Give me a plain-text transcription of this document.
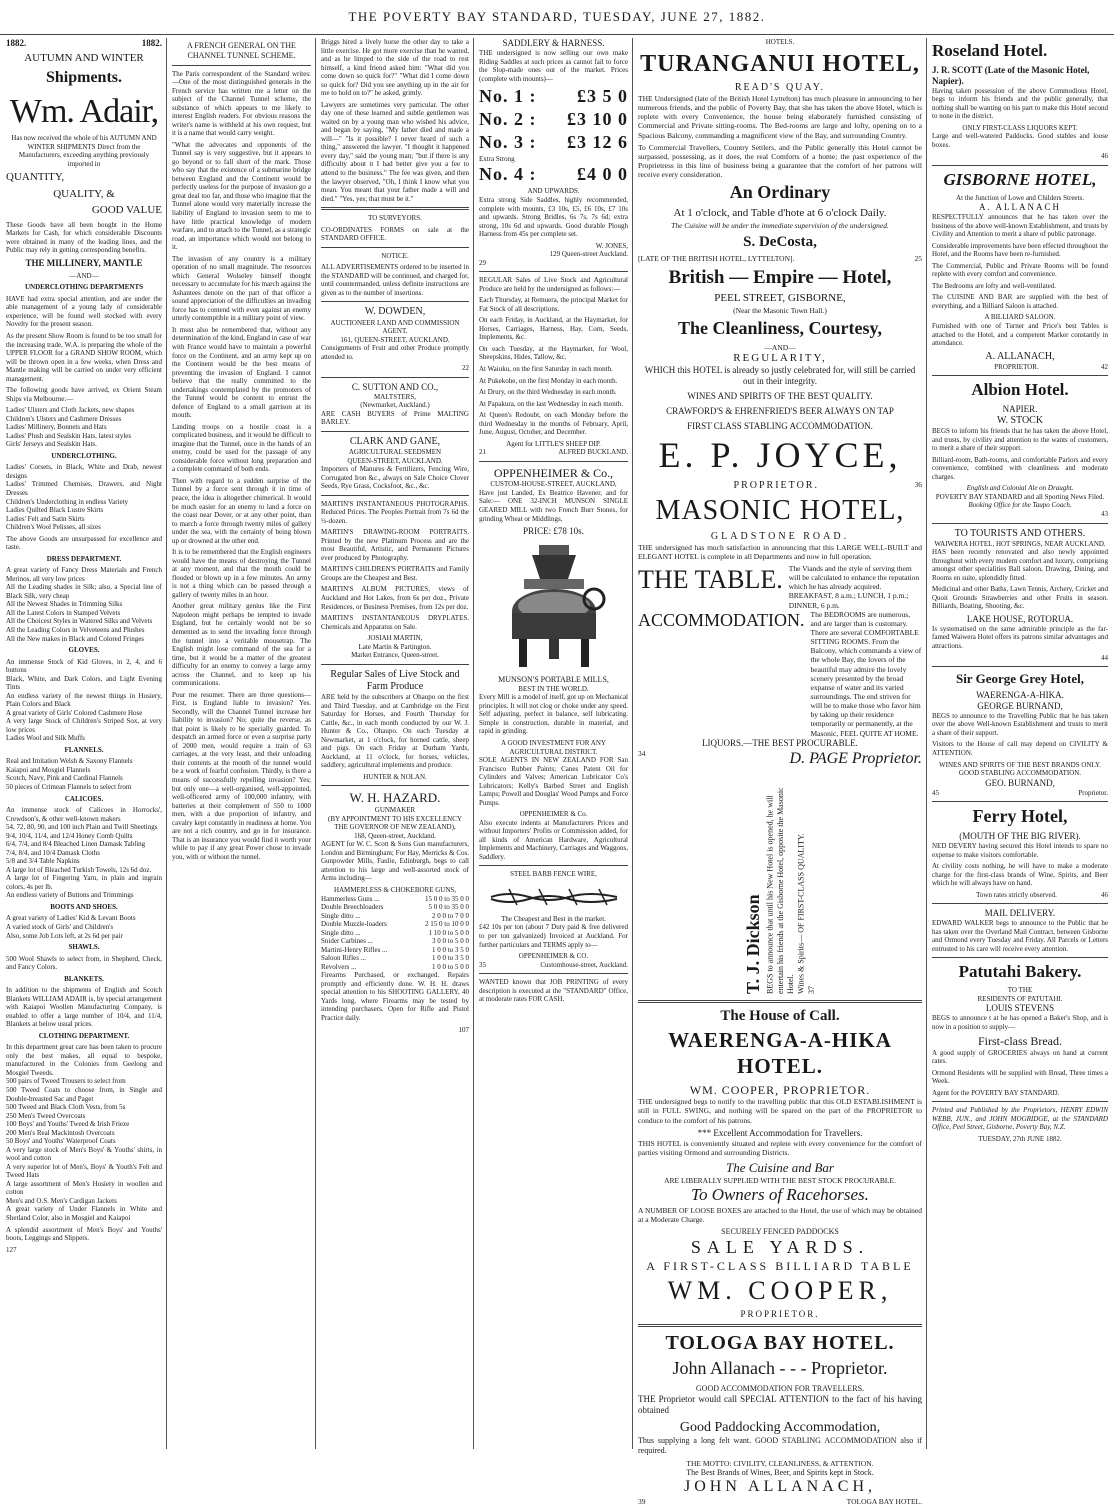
THE POVERTY BAY STANDARD, TUESDAY, JUNE 27, 1882.
1882.	1882.
AUTUMN AND WINTER
Shipments.
Wm. Adair,

Has now received the whole of his AUTUMN AND WINTER SHIPMENTS Direct from the Manufacturers, exceeding anything previously imported in

QUANTITY,
QUALITY, &
GOOD VALUE

These Goods have all been bought in the Home Markets for Cash, for which considerable Discounts were obtained in many of the leading lines, and the Public may rely in getting corresponding benefits.

THE MILLINERY, MANTLE
—AND—
UNDERCLOTHING DEPARTMENTS

HAVE had extra special attention, and are under the able management of a young lady of considerable experience, will be found well stocked with every Novelty for the present season.

As the present Show Room is found to be too small for the increasing trade, W.A. is preparing the whole of the UPPER FLOOR for a GRAND SHOW ROOM, which will be thrown open in a few weeks, when Dress and Mantle making will be carried on under very efficient management.

The following goods have arrived, ex Orient Steam Ships via Melbourne:—

Ladies' Ulsters and Cloth Jackets, new shapes
Children's Ulsters and Cashmere Dresses
Ladies' Millinery, Bonnets and Hats
Ladies' Plush and Sealskin Hats, latest styles
Girls' Jerseys and Sealskin Hats.

UNDERCLOTHING.

Ladies' Corsets, in Black, White and Drab, newest designs
Ladies' Trimmed Chemises, Drawers, and Night Dresses
Children's Underclothing in endless Variety
Ladies Quilted Black Lustre Skirts
Ladies' Felt and Satin Skirts
Children's Wool Pelisses, all sizes

The above Goods are unsurpassed for excellence and taste.

DRESS DEPARTMENT.

A great variety of Fancy Dress Materials and French Merinos, all very low prices
All the Leading shades in Silk; also, a Special line of Black Silk, very cheap
All the Newest Shades in Trimming Silks
All the Latest Colors in Stamped Velvets
All the Choicest Styles in Watered Silks and Velvets
All the Leading Colors in Velveteens and Plushes
All the New makes in Black and Colored Fringes

GLOVES.

An immense Stock of Kid Gloves, in 2, 4, and 6 buttons
Black, White, and Dark Colors, and Light Evening Tints
An endless variety of the newest things in Hosiery, Plain Colors and Black
A great variety of Girls' Colored Cashmere Hose
A very large Stock of Children's Striped Sox, at very low prices
Ladies Wool and Silk Muffs

FLANNELS.

Real and Imitation Welsh & Saxony Flannels
Kaiapoi and Mosgiel Flannels
Scotch, Navy, Pink and Cardinal Flannels
50 pieces of Crimean Flannels to select from

CALICOES.

An immense stock of Calicoes in Horrocks', Crewdson's, & other well-known makers
54, 72, 80, 90, and 100 inch Plain and Twill Sheetings
9/4, 10/4, 11/4, and 12/4 Honey Comb Quilts
6/4, 7/4, and 8/4 Bleached Linen Damask Tabling
7/4, 8/4, and 10/4 Damask Cloths
5/8 and 3/4 Table Napkins
A large lot of Bleached Turkish Towels, 12s 6d doz.
A large lot of Fingering Yarn, in plain and ingrain colors, 4s per lb.
An endless variety of Buttons and Trimmings

BOOTS AND SHOES.

A great variety of Ladies' Kid & Levant Boots
A varied stock of Girls' and Children's
Also, some Job Lots left, at 2s 6d per pair

SHAWLS.

500 Wool Shawls to select from, in Shepherd, Check, and Fancy Colors.

BLANKETS.

In addition to the shipments of English and Scotch Blankets WILLIAM ADAIR is, by special arrangement with Kaiapoi Woollen Manufacturing Company, is enabled to offer a large number of 10/4, and 11/4, Blankets at below usual prices.

CLOTHING DEPARTMENT.

In this department great care has been taken to procure only the best makes, all equal to bespoke, manufactured in the Colonies from Geelong and Mosgiel Tweeds.
500 pairs of Tweed Trousers to select from
500 Tweed Coats to choose from, in Single and Double-breasted Sac and Paget
500 Tweed and Black Cloth Vests, from 5s
250 Men's Tweed Overcoats
100 Boys' and Youths' Tweed & Irish Frieze
200 Men's Real Mackintosh Overcoats
50 Boys' and Youths' Waterproof Coats
A very large stock of Men's Boys' & Youths' shirts, in wool and cotton
A very superior lot of Men's, Boys' & Youth's Felt and Tweed Hats
A large assortment of Men's Hosiery in woollen and cotton
Men's and O.S. Men's Cardigan Jackets
A great variety of Under Flannels in White and Shetland Color, also in Mosgiel and Kaiapoi

A splendid assortment of Men's Boys' and Youths' boots, Leggings and Slippers.

127
A FRENCH GENERAL ON THE CHANNEL TUNNEL SCHEME.

The Paris correspondent of the Standard writes:—One of the most distinguished generals in the French service has written me a letter on the subject of the Channel Tunnel scheme, the substance of which appears to me likely to interest English readers. For obvious reasons the writer's name is withheld at his own request, but it is a name that would carry weight.

"What the advocates and opponents of the Tunnel say is very suggestive, but it appears to go beyond or to fall short of the mark. Those who say that the existence of a submarine bridge between England and the Continent would be perfectly useless for the purpose of invasion go a great deal too far, and those who imagine that the Tunnel alone would very materially increase the liability of England to invasion seem to me to have little practical knowledge of modern warfare, and to attach to the Tunnel, as a strategic road, an importance which would not belong to it.

The invasion of any country is a military operation of no small magnitude. The resources which General Wolseley himself thought necessary to accumulate for his march against the Ashantees denote on the part of that officer a sound appreciation of the difficulties an invading force has to contend with even against an enemy utterly contemptible in a military point of view.

It must also be remembered that, without any determination of the kind, England in case of war with France would have to maintain a powerful force on the Continent, and an army kept up on the Continent would be the best means of preventing the invasion of England. I cannot believe that the really committed to the undertakings contemplated by the promoters of the Tunnel would be content to entrust the defence of England to a small garrison at its mouth.

Landing troops on a hostile coast is a complicated business, and it would be difficult to imagine that the Tunnel, once in the hands of an enemy, could be used for the passage of any considerable force without long preparation and a complete command of both ends.

Then with regard to a sudden surprise of the Tunnel by a force sent through it in time of peace, the idea is altogether chimerical. It would be much easier for an enemy to land a force on the coast near Dover, or at any other point, than to march a force through twenty miles of gallery under the sea, with the certainty of being blown up or drowned at the other end.

It is to be remembered that the English engineers would have the means of destroying the Tunnel at any moment, and that the mouth could be flooded or blown up in a few minutes. An army is not a thing which can be passed through a gallery of twenty miles in an hour.

Another great military genius like the First Napoleon might perhaps be tempted to invade England, but he certainly would not be so demented as to send the invading force through the tunnel into a veritable mousetrap. The English might lose command of the sea for a time, but it would be a matter of the greatest difficulty for an enemy to convey a large army across the Channel, and to keep up his communications.

Pour me resumer. There are three questions—First, is England liable to invasion? Yes. Secondly, will the Channel Tunnel increase her liability to invasion? No; quite the reverse, as that point is likely to be specially guarded. To despatch an armed force or even a surprise party of 2000 men, would require a train of 63 carriages, at the very least, and their unloading their contents at the mouth of the tunnel would be a work of fearful confusion. Thirdly, is there a means of successfully repelling invasion? Yes; but only one—a well-organised, well-appointed, well-officered army of 100,000 infantry, with batteries at their complement of 550 to 1000 men, with a due proportion of infantry, and cavalry kept constantly in readiness at home. You are not a rich country, and go in for insurance. That is an insurance you would find it worth your while to pay if any great Power chose to invade you, with or without the tunnel.

Briggs hired a lively horse the other day to take a little exercise. He got more exercise than he wanted, and as he limped to the side of the road to rest himself, a kind friend asked him: "What did you come down so quick for?" "What did I come down so quick for? Did you see anything up in the air for me to hold on to?" he asked, grimly.

Lawyers are sometimes very particular. The other day one of these learned and subtle gentlemen was waited on by a young man who wished his advice, and began by saying, "My father died and made a will—" "Is it possible? I never heard of such a thing," answered the lawyer. "I thought it happened every day," said the young man; "but if there is any difficulty about it I had better give you a fee to attend to the business." The fee was given, and then the lawyer observed, "Oh, I think I know what you mean. You meant that your father made a will and died." "Yes, yes; that must be it."

TO SURVEYORS.

CO-ORDINATES FORMS on sale at the STANDARD OFFICE.

NOTICE.

ALL ADVERTISEMENTS ordered to be inserted in the STANDARD will be continued, and charged for, until countermanded, unless definite instructions are given as to the number of insertions.

W. DOWDEN,
AUCTIONEER LAND AND COMMISSION AGENT.
161, QUEEN-STREET, AUCKLAND.

Consignments of Fruit and other Produce promptly attended to.

22
C. SUTTON AND CO.,
MALTSTERS,
(Newmarket, Auckland.)

ARE CASH BUYERS of Prime MALTING BARLEY.

CLARK AND GANE,
AGRICULTURAL SEEDSMEN
QUEEN-STREET, AUCKLAND.

Importers of Manures & Fertilizers, Fencing Wire, Corrugated Iron &c., always on Sale Choice Clover Seeds, Rye Grass, Cocksfoot, &c., &c.

MARTIN'S INSTANTANEOUS PHOTOGRAPHS. Reduced Prices. The Peoples Portrait from 7s 6d the ½-dozen.

MARTIN'S DRAWING-ROOM PORTRAITS. Printed by the new Platinum Process and are the most Beautiful, Artistic, and Permanent Pictures ever produced by Photography.

MARTIN'S CHILDREN'S PORTRAITS and Family Groups are the Cheapest and Best.

MARTIN'S ALBUM PICTURES, views of Auckland and Hot Lakes, from 6s per doz., Private Residences, or Business Premises, from 12s per doz.

MARTIN'S INSTANTANEOUS DRYPLATES. Chemicals and Apparatus on Sale.

JOSIAH MARTIN,
Late Martin & Partington.
Market Entrance, Queen-street.
Regular Sales of Live Stock and Farm Produce

ARE held by the subscribers at Ohaupo on the first and Third Tuesday, and at Cambridge on the First Saturday for Horses, and Fourth Thursday for Cattle, &c., in each month conducted by our W. J. Hunter & Co., Ohaupo. On each Tuesday at Newmarket, at 1 o'clock, for horned cattle, sheep and pigs. On each Friday at Durham Yards, Auckland, at 11 o'clock, for horses, vehicles, saddlery, agricultural implements and produce.

HUNTER & NOLAN.
W. H. HAZARD.
GUNMAKER
(BY APPOINTMENT TO HIS EXCELLENCY THE GOVERNOR OF NEW ZEALAND),
168, Queen-street, Auckland.

AGENT for W. C. Scott & Sons Gun manufacturers, London and Birmingham; For Hay, Merricks & Cos. Gunpowder Mills, Faulie, Edinburgh, begs to call attention to his large and well-assorted stock of Arms including—

HAMMERLESS & CHOKEBORE GUNS,
Hammerless Guns ...	15 0 0 to 35 0 0
Double Breechloaders	5 0 0 to 35 0 0
Single ditto ...	2 0 0 to 7 0 0
Double Muzzle-loaders	2 15 0 to 10 0 0
Single ditto ...	1 10 0 to 5 0 0
Snider Carbines ...	3 0 0 to 5 0 0
Martini-Henry Rifles ...	1 0 0 to 3 5 0
Saloon Rifles ...	1 0 0 to 3 5 0
Revolvers ...	1 0 0 to 5 0 0

Firearms Purchased, or exchanged. Repairs promptly and efficiently done. W. H. H. draws special attention to his SHOOTING GALLERY, 40 Yards long, where Firearms may be tested by intending purchasers. Open for Rifle and Pistol Practice daily.

107
SADDLERY & HARNESS.

THE undersigned is now selling our own make Riding Saddles at such prices as cannot fail to force the Slop-made ones out of the market. Prices (complete with mounts)—

No. 1 : £3 5 0
No. 2 : £3 10 0
No. 3 : £3 12 6
Extra Strong
No. 4 : £4 0 0
AND UPWARDS.

Extra strong Side Saddles, highly recommended, complete with mounts, £3 10s, £5, £6 10s, £7 10s and upwards. Strong Bridles, 6s 7s, 7s 6d; extra strong, 10s 6d and upwards. Good durable Plough Harness from 45s per complete set.

W. JONES,
129 Queen-street Auckland.
29

REGULAR Sales of Live Stock and Agricultural Produce are held by the undersigned as follows:—

Each Thursday, at Remuera, the principal Market for Fat Stock of all descriptions.

On each Friday, in Auckland, at the Haymarket, for Horses, Carriages, Harness, Hay, Corn, Seeds, Implements, &c.

On each Tuesday, at the Haymarket, for Wool, Sheepskins, Hides, Tallow, &c.

At Waiuku, on the first Saturday in each month.

At Pukekohe, on the first Monday in each month.

At Drury, on the third Wednesday in each month.

At Papakura, on the last Wednesday in each month.

At Queen's Redoubt, on each Monday before the third Wednesday in the months of February, April, June, August, October, and December.

Agent for LITTLE'S SHEEP DIP.
21	ALFRED BUCKLAND.
OPPENHEIMER & Co.,
CUSTOM-HOUSE-STREET, AUCKLAND,

Have just Landed, Ex Beatrice Havener, and for Sale:— ONE 32-INCH MUNSON SINGLE GEARED MILL with two French Burr Stones, for grinding Wheat or Middlings,

PRICE: £78 10s.
MUNSON'S PORTABLE MILLS,
BEST IN THE WORLD.

Every Mill is a model of itself, got up on Mechanical principles. It will not clog or choke under any speed. Self adjusting, perfect in balance, self lubricating. Simple in construction, durable in material, and rapid in grinding.

A GOOD INVESTMENT FOR ANY AGRICULTURAL DISTRICT.

SOLE AGENTS IN NEW ZEALAND FOR San Francisco Rubber Paints; Canes Patent Oil for Cylinders and Valves; American Lubricator Co's Lubricators; Kelly's Barbed Street and English Lamps; Powell and Douglas' Wood Pumps and Force Pumps.

OPPENHEIMER & Co.

Also execute indents at Manufacturers Prices and without Importers' Profits or Commission added, for all kinds of American Hardware, Agricultural Implements and Machinery, Carriages and Waggons, Saddlery.

STEEL BARB FENCE WIRE,
The Cheapest and Best in the market.

£42 10s per ton (about 7 Duty paid & free delivered to per ton galvanized) Invoiced at Auckland. For further particulars and TERMS apply to—

OPPENHEIMER & CO.
35	Customhouse-street, Auckland.

WANTED known that JOB PRINTING of every description is executed at the "STANDARD" Office, at moderate rates FOR CASH.

HOTELS.
TURANGANUI HOTEL,
READ'S QUAY.

THE Undersigned (late of the British Hotel Lyttelton) has much pleasure in announcing to her numerous friends, and the public of Poverty Bay, that she has taken the above Hotel, which is replete with every Convenience, the house being elaborately furnished consisting of Commercial and Private sitting-rooms. The Bed-rooms are large and lofty, opening on to a Spacious Balcony, commanding a magnificent view of the Bay, and surrounding Country.

To Commercial Travellers, Country Settlers, and the Public generally this Hotel cannot be surpassed, possessing, as it does, the real Comforts of a home; the past experience of the Proprietress in this line of business being a guarantee that the comfort of her patrons will receive every consideration.

An Ordinary
At 1 o'clock, and Table d'hote at 6 o'clock Daily.
The Cuisine will be under the immediate supervision of the undersigned.
S. DeCosta,
[LATE OF THE BRITISH HOTEL, LYTTELTON].	25
British — Empire — Hotel,
PEEL STREET, GISBORNE,
(Near the Masonic Town Hall.)
The Cleanliness, Courtesy,
—AND—
REGULARITY,
WHICH this HOTEL is already so justly celebrated for, will still be carried out in their integrity.
WINES AND SPIRITS OF THE BEST QUALITY.
CRAWFORD'S & EHRENFRIED'S BEER ALWAYS ON TAP
FIRST CLASS STABLING ACCOMMODATION.
E. P. JOYCE,
PROPRIETOR.	36
MASONIC HOTEL,
GLADSTONE ROAD.

THE undersigned has much satisfaction in announcing that this LARGE WELL-BUILT and ELEGANT HOTEL is complete in all Departments and now in full operation.

THE TABLE. The Viands and the style of serving them will be calculated to enhance the reputation which he has already acquired. BREAKFAST, 8 a.m.; LUNCH, 1 p.m.; DINNER, 6 p.m.
ACCOMMODATION. The BEDROOMS are numerous, and are larger than is customary. There are several COMFORTABLE SITTING ROOMS. From the Balcony, which commands a view of the whole Bay, the lovers of the beautiful may admire the lovely scenery presented by the broad expanse of water and its varied surroundings. The end striven for will be to make those who favor him by taking up their residence temporarily or permanently, at the Masonic, FEEL QUITE AT HOME.
LIQUORS.—THE BEST PROCURABLE.
34	D. PAGE Proprietor.
T. J. Dickson BEGS to announce that until his New Hotel is opened, he will entertain his friends at the Gisborne Hotel, opposite the Masonic Hotel.
Wines & Spirits— OF FIRST-CLASS QUALITY.
37
The House of Call.
WAERENGA-A-HIKA HOTEL.
WM. COOPER, PROPRIETOR.

THE undersigned begs to notify to the travelling public that this OLD ESTABLISHMENT is still in FULL SWING, and nothing will be spared on the part of the PROPRIETOR to conduce to the comfort of his patrons.

*** Excellent Accommodation for Travellers.

THIS HOTEL is conveniently situated and replete with every convenience for the comfort of parties visiting Ormond and surrounding Districts.

The Cuisine and Bar
ARE LIBERALLY SUPPLIED WITH THE BEST STOCK PROCURABLE.
To Owners of Racehorses.

A NUMBER OF LOOSE BOXES are attached to the Hotel, the use of which may be obtained at a Moderate Charge.

SECURELY FENCED PADDOCKS
SALE YARDS.
A FIRST-CLASS BILLIARD TABLE
WM. COOPER,
PROPRIETOR.
TOLOGA BAY HOTEL.
John Allanach - - - Proprietor.
GOOD ACCOMMODATION FOR TRAVELLERS.

THE Proprietor would call SPECIAL ATTENTION to the fact of his having obtained

Good Paddocking Accommodation,

Thus supplying a long felt want. GOOD STABLING ACCOMMODATION also if required.

THE MOTTO: CIVILITY, CLEANLINESS, & ATTENTION.
The Best Brands of Wines, Beer, and Spirits kept in Stock.
JOHN ALLANACH,
39	TOLOGA BAY HOTEL.
Roseland Hotel.
J. R. SCOTT (Late of the Masonic Hotel, Napier).

Having taken possession of the above Commodious Hotel, begs to inform his friends and the public generally, that nothing shall be wanting on his part to make this Hotel second to none in the district.

ONLY FIRST-CLASS LIQUORS KEPT.

Large and well-watered Paddocks. Good stables and loose boxes.

46
GISBORNE HOTEL,
At the Junction of Lowe and Childers Streets.
A. ALLANACH

RESPECTFULLY announces that he has taken over the business of the above well-known Establishment, and trusts by Civility and Attention to merit a share of public patronage.

Considerable improvements have been effected throughout the Hotel, and the Rooms have been re-furnished.

The Commercial, Public and Private Rooms will be found replete with every comfort and convenience.

The Bedrooms are lofty and well-ventilated.

The CUISINE AND BAR are supplied with the best of everything, and a Billiard Saloon is attached.

A BILLIARD SALOON.

Furnished with one of Turner and Price's best Tables is attached to the Hotel, and a competent Marker constantly in attendance.

A. ALLANACH,
PROPRIETOR.	42
Albion Hotel.
NAPIER.
W. STOCK

BEGS to inform his friends that he has taken the above Hotel, and trusts, by civility and attention to the wants of customers, to merit a share of their support.

Billiard-room, Bath-rooms, and comfortable Parlors and every convenience, combined with cleanliness and moderate charges.

English and Colonial Ale on Draught.
POVERTY BAY STANDARD and all Sporting News Filed.
Booking Office for the Taupo Coach.
43
TO TOURISTS AND OTHERS.
WAIWERA HOTEL, HOT SPRINGS, NEAR AUCKLAND.

HAS been recently renovated and also newly appointed throughout with every modern comfort and luxury, comprising amongst other specialities Ball saloon, Drawing, Dining, and Rooms en suite, splendidly fitted.

Medicinal and other Baths, Lawn Tennis, Archery, Cricket and Quoit Grounds Strawberries and other Fruits in season. Billiards, Boating, Shooting, &c.

LAKE HOUSE, ROTORUA.

Is systematised on the same admirable principle as the far-famed Waiwera Hotel offers its patrons similar advantages and attractions.

44
Sir George Grey Hotel,
WAERENGA-A-HIKA.
GEORGE BURNAND,

BEGS to announce to the Travelling Public that he has taken over the above Well-known Establishment and trusts to merit a share of their support.

Visitors to the House of call may depend on CIVILITY & ATTENTION.

WINES AND SPIRITS OF THE BEST BRANDS ONLY.
GOOD STABLING ACCOMMODATION.
GEO. BURNAND,
45	Proprietor.
Ferry Hotel,
(MOUTH OF THE BIG RIVER).

NED DEVERY having secured this Hotel intends to spare no expense to make visitors comfortable.

At civility costs nothing, he will have to make a moderate charge for the first-class brands of Wine, Spirits, and Beer which he will always have on hand.

Town rates strictly observed.	46
MAIL DELIVERY.

EDWARD WALKER begs to announce to the Public that he has taken over the Overland Mail Contract, between Gisborne and Ormond every Tuesday and Friday. All Parcels or Letters entrusted to his care will receive every attention.

Patutahi Bakery.
TO THE
RESIDENTS OF PATUTAHI.
LOUIS STEVENS

BEGS to announce t at he has opened a Baker's Shop, and is now in a position to supply—

First-class Bread.

A good supply of GROCERIES always on hand at current rates.

Ormond Residents will be supplied with Bread, Three times a Week.

Agent for the POVERTY BAY STANDARD.

Printed and Published by the Proprietors, HENRY EDWIN WEBB, JUN., and JOHN MOGRIDGE, at the STANDARD Office, Peel Street, Gisborne, Poverty Bay, N.Z.

TUESDAY, 27th JUNE 1882.
